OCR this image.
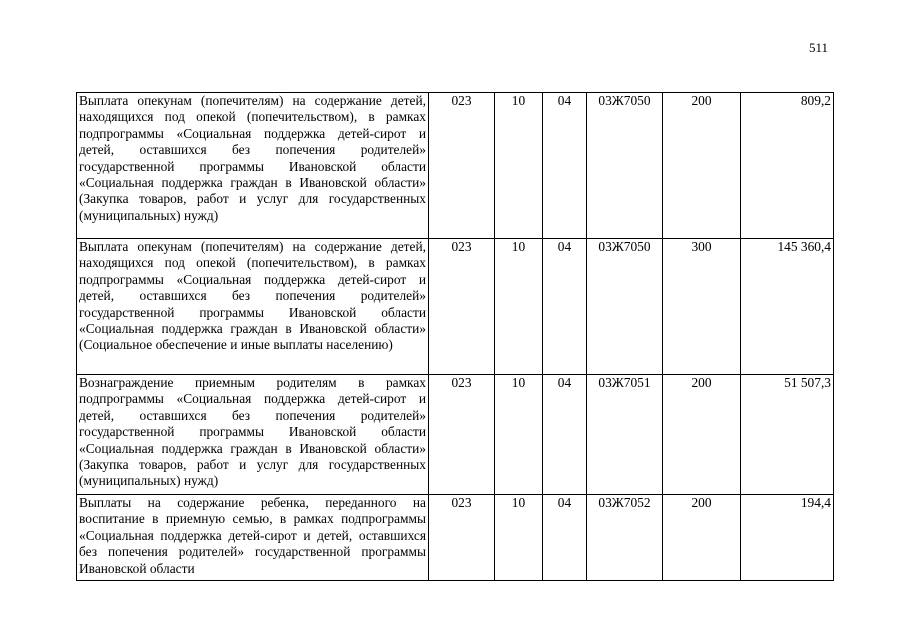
511
Выплата опекунам (попечителям) на содержание детей, находящихся под опекой (попечительством), в рамках подпрограммы «Социальная поддержка детей-сирот и детей, оставшихся без попечения родителей» государственной программы Ивановской области «Социальная поддержка граждан в Ивановской области» (Закупка товаров, работ и услуг для государственных (муниципальных) нужд)	023	10	04	03Ж7050	200	809,2
Выплата опекунам (попечителям) на содержание детей, находящихся под опекой (попечительством), в рамках подпрограммы «Социальная поддержка детей-сирот и детей, оставшихся без попечения родителей» государственной программы Ивановской области «Социальная поддержка граждан в Ивановской области» (Социальное обеспечение и иные выплаты населению)	023	10	04	03Ж7050	300	145 360,4
Вознаграждение приемным родителям в рамках подпрограммы «Социальная поддержка детей-сирот и детей, оставшихся без попечения родителей» государственной программы Ивановской области «Социальная поддержка граждан в Ивановской области» (Закупка товаров, работ и услуг для государственных (муниципальных) нужд)	023	10	04	03Ж7051	200	51 507,3
Выплаты на содержание ребенка, переданного на воспитание в приемную семью, в рамках подпрограммы «Социальная поддержка детей-сирот и детей, оставшихся без попечения родителей» государственной программы Ивановской области	023	10	04	03Ж7052	200	194,4
